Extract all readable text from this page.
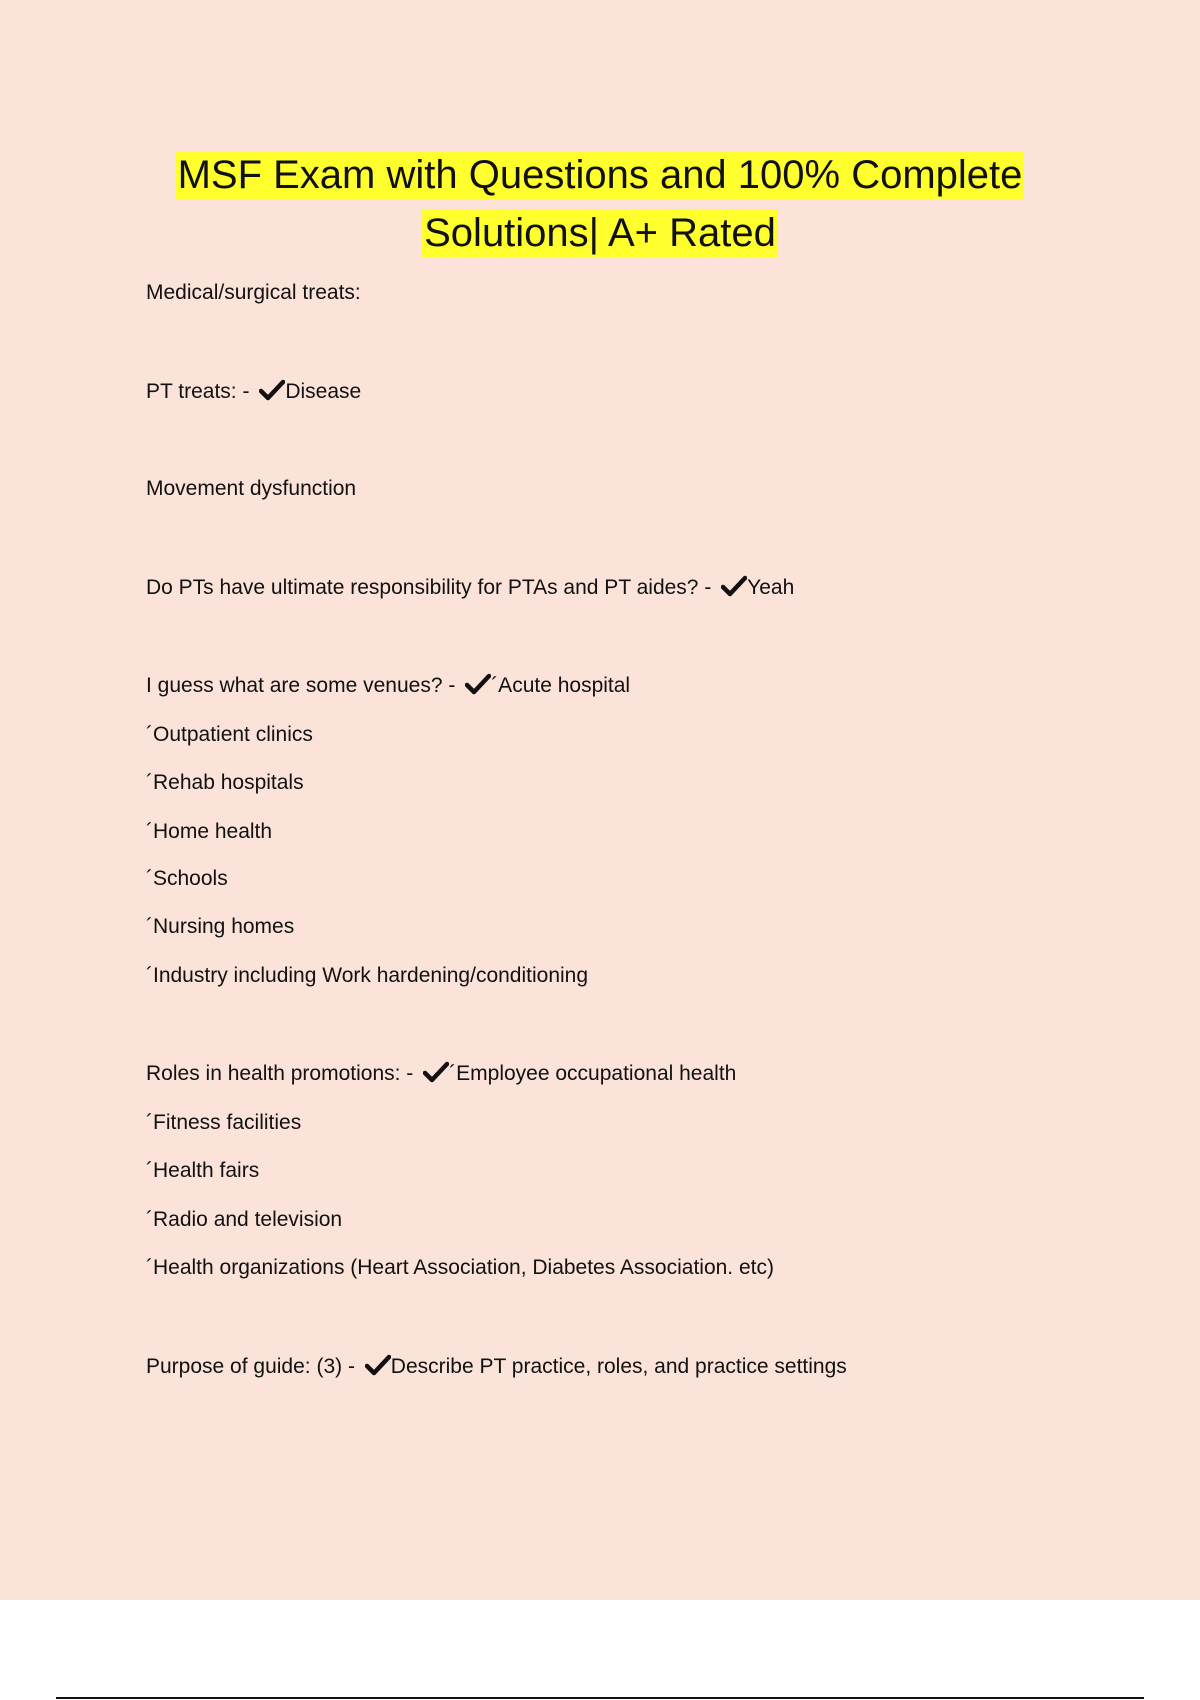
MSF Exam with Questions and 100% Complete
Solutions| A+ Rated
Medical/surgical treats:
PT treats: - Disease
Movement dysfunction
Do PTs have ultimate responsibility for PTAs and PT aides? - Yeah
I guess what are some venues? - ´Acute hospital
´Outpatient clinics
´Rehab hospitals
´Home health
´Schools
´Nursing homes
´Industry including Work hardening/conditioning
Roles in health promotions: - ´Employee occupational health
´Fitness facilities
´Health fairs
´Radio and television
´Health organizations (Heart Association, Diabetes Association. etc)
Purpose of guide: (3) - Describe PT practice, roles, and practice settings
